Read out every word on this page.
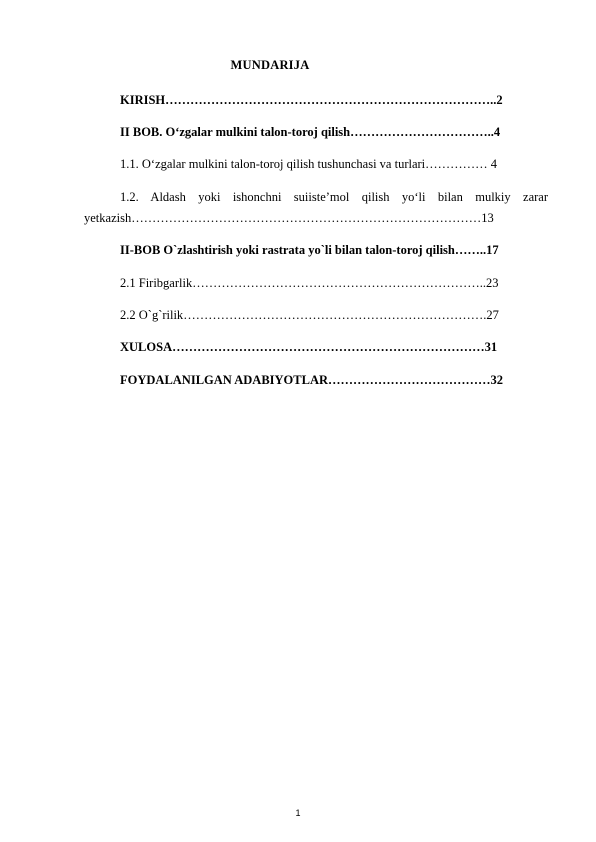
MUNDARIJA
KIRISH……………………………………………………………………..2
II BOB. O‘zgalar mulkini talon-toroj qilish……………………………..4
1.1. O‘zgalar mulkini talon-toroj qilish tushunchasi va turlari…………… 4
1.2. Aldash yoki ishonchni suiiste’mol qilish yo‘li bilan mulkiy zarar
yetkazish…………………………………………………………………………13
II-BOB O`zlashtirish yoki rastrata yo`li bilan talon-toroj qilish……..17
2.1 Firibgarlik……………………………………………………………..23
2.2 O`g`rilik……………………………………………………………….27
XULOSA…………………………………………………………………31
FOYDALANILGAN ADABIYOTLAR…………………………………32
1
